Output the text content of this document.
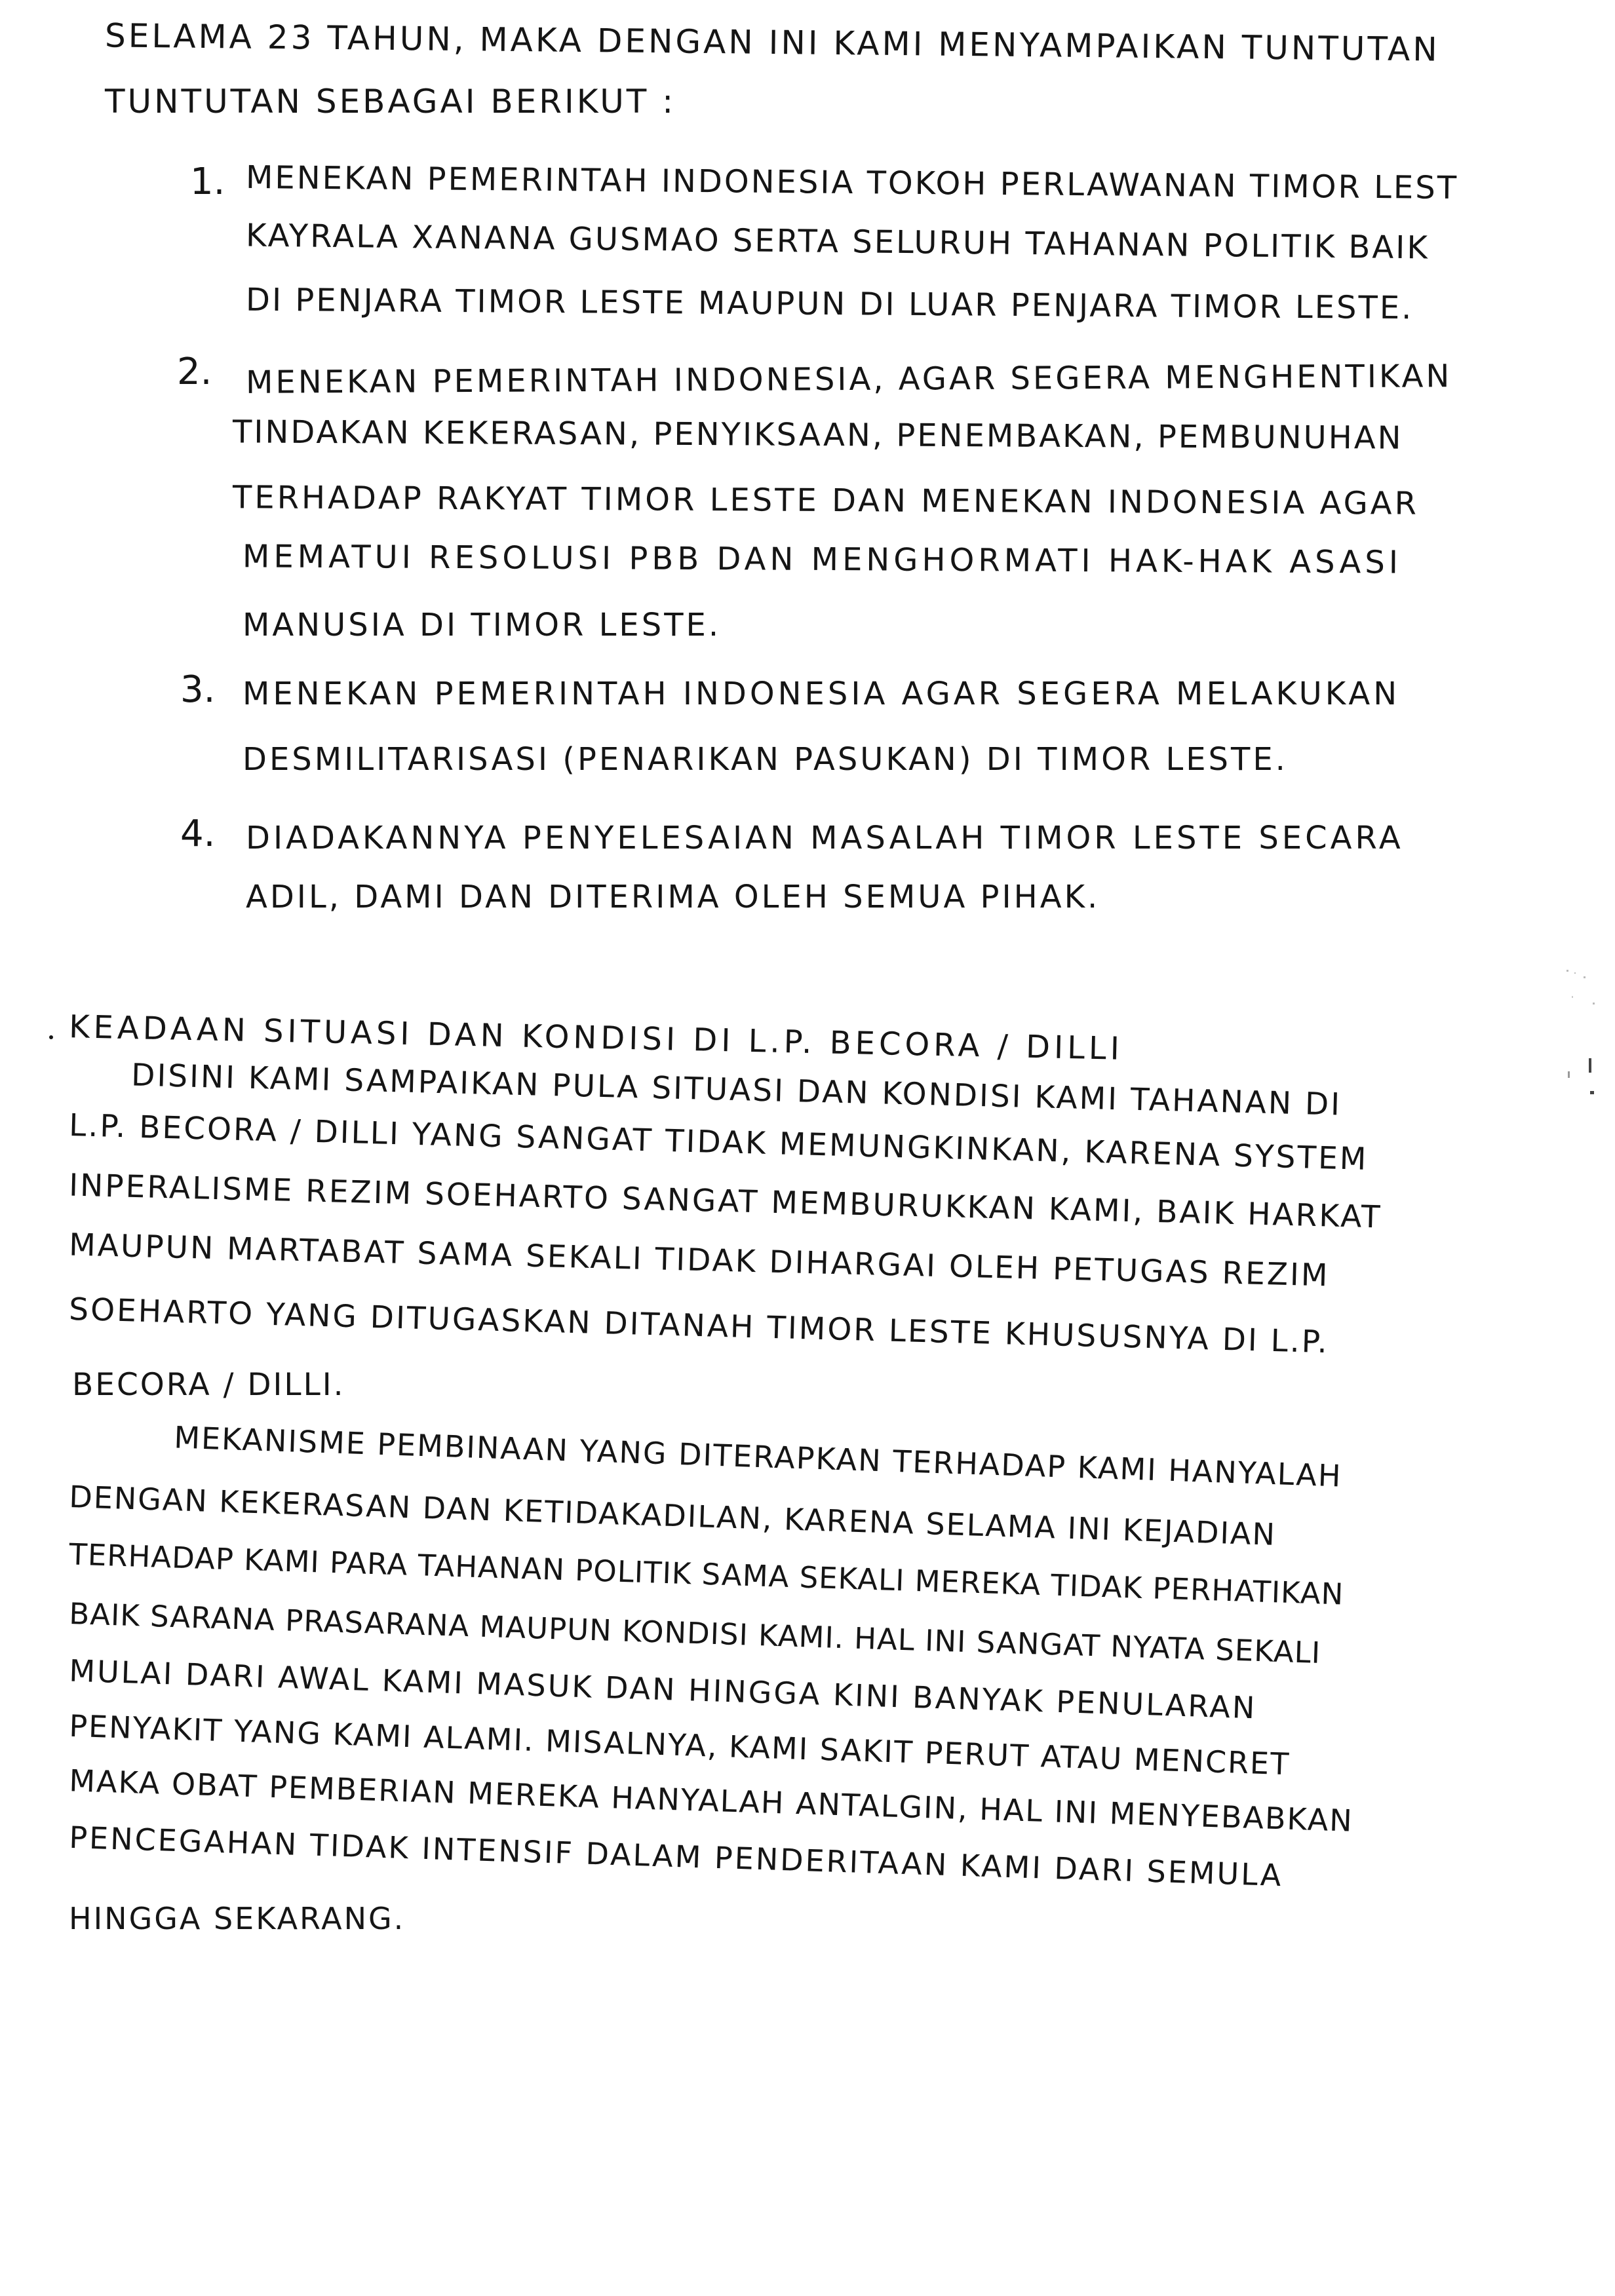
SELAMA 23 TAHUN, MAKA DENGAN INI KAMI MENYAMPAIKAN TUNTUTAN
TUNTUTAN SEBAGAI BERIKUT :
1. MENEKAN PEMERINTAH INDONESIA TOKOH PERLAWANAN TIMOR LEST
KAYRALA XANANA GUSMAO SERTA SELURUH TAHANAN POLITIK BAIK
DI PENJARA TIMOR LESTE MAUPUN DI LUAR PENJARA TIMOR LESTE.
2. MENEKAN PEMERINTAH INDONESIA, AGAR SEGERA MENGHENTIKAN
TINDAKAN KEKERASAN, PENYIKSAAN, PENEMBAKAN, PEMBUNUHAN
TERHADAP RAKYAT TIMOR LESTE DAN MENEKAN INDONESIA AGAR
MEMATUI RESOLUSI PBB DAN MENGHORMATI HAK-HAK ASASI
MANUSIA DI TIMOR LESTE.
3. MENEKAN PEMERINTAH INDONESIA AGAR SEGERA MELAKUKAN
DESMILITARISASI (PENARIKAN PASUKAN) DI TIMOR LESTE.
4. DIADAKANNYA PENYELESAIAN MASALAH TIMOR LESTE SECARA
ADIL, DAMI DAN DITERIMA OLEH SEMUA PIHAK.
KEADAAN SITUASI DAN KONDISI DI L.P. BECORA / DILLI
DISINI KAMI SAMPAIKAN PULA SITUASI DAN KONDISI KAMI TAHANAN DI
L.P. BECORA / DILLI YANG SANGAT TIDAK MEMUNGKINKAN, KARENA SYSTEM
INPERALISME REZIM SOEHARTO SANGAT MEMBURUKKAN KAMI, BAIK HARKAT
MAUPUN MARTABAT SAMA SEKALI TIDAK DIHARGAI OLEH PETUGAS REZIM
SOEHARTO YANG DITUGASKAN DITANAH TIMOR LESTE KHUSUSNYA DI L.P.
BECORA / DILLI.
MEKANISME PEMBINAAN YANG DITERAPKAN TERHADAP KAMI HANYALAH
DENGAN KEKERASAN DAN KETIDAKADILAN, KARENA SELAMA INI KEJADIAN
TERHADAP KAMI PARA TAHANAN POLITIK SAMA SEKALI MEREKA TIDAK PERHATIKAN
BAIK SARANA PRASARANA MAUPUN KONDISI KAMI. HAL INI SANGAT NYATA SEKALI
MULAI DARI AWAL KAMI MASUK DAN HINGGA KINI BANYAK PENULARAN
PENYAKIT YANG KAMI ALAMI. MISALNYA, KAMI SAKIT PERUT ATAU MENCRET
MAKA OBAT PEMBERIAN MEREKA HANYALAH ANTALGIN, HAL INI MENYEBABKAN
PENCEGAHAN TIDAK INTENSIF DALAM PENDERITAAN KAMI DARI SEMULA
HINGGA SEKARANG.
